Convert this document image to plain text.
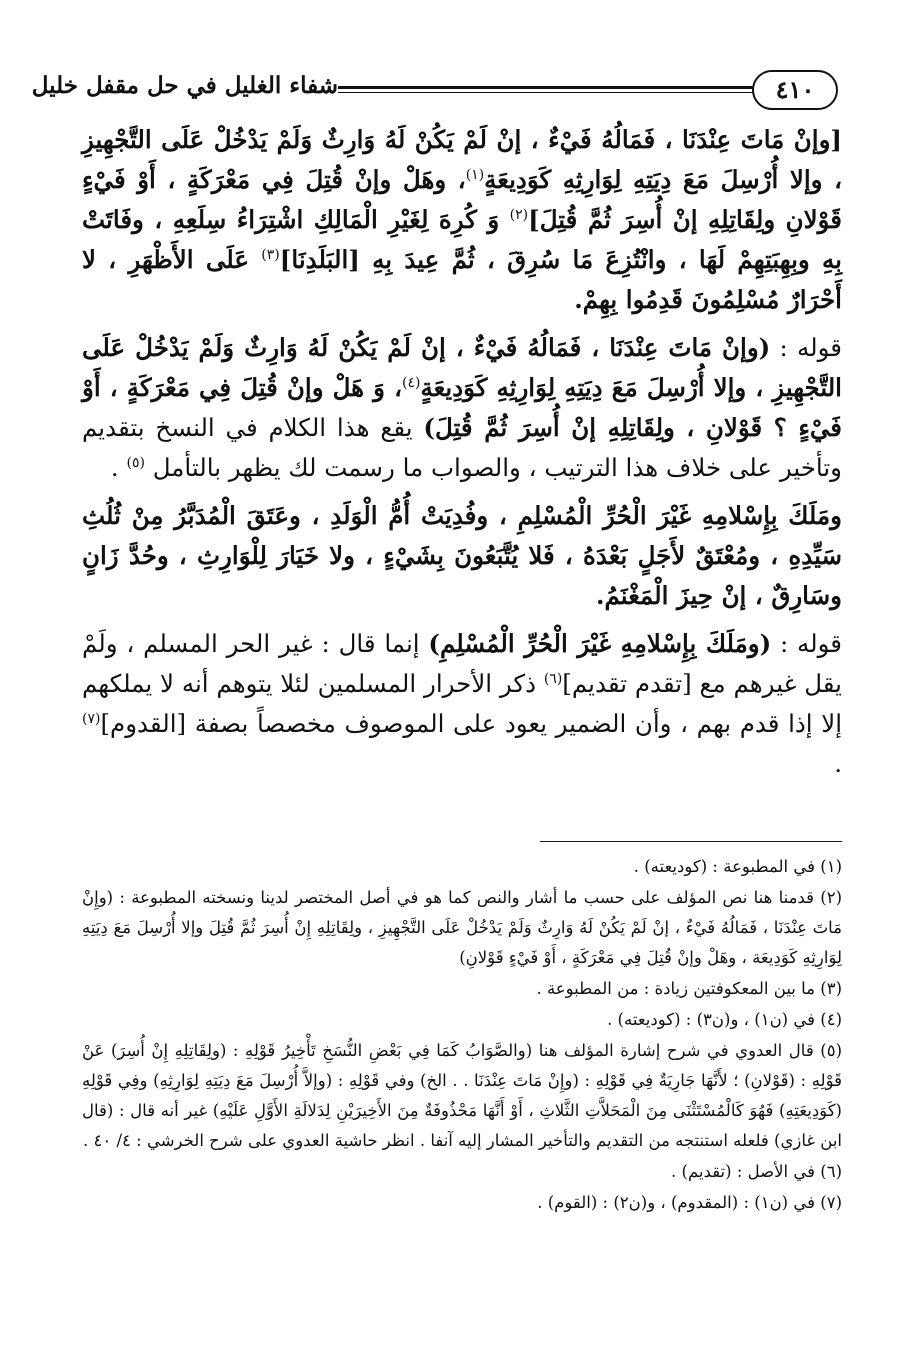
٤١٠
شفاء الغليل في حل مقفل خليل

[وإنْ مَاتَ عِنْدَنَا ، فَمَالُهُ فَيْءٌ ، إنْ لَمْ يَكُنْ لَهُ وَارِثٌ وَلَمْ يَدْخُلْ عَلَى التَّجْهِيزِ ، وإلا أُرْسِلَ مَعَ دِيَتِهِ لِوَارِثِهِ كَوَدِيعَةٍ$^{(١)}$، وهَلْ وإنْ قُتِلَ فِي مَعْرَكَةٍ ، أَوْ فَيْءٍ قَوْلانِ ولِقَاتِلِهِ إنْ أُسِرَ ثُمَّ قُتِلَ]$^{(٢)}$ وَ كُرِهَ لِغَيْرِ الْمَالِكِ اشْتِرَاءُ سِلَعِهِ ، وفَاتَتْ بِهِ وبِهِبَتِهِمْ لَهَا ، وانْتُزِعَ مَا سُرِقَ ، ثُمَّ عِيدَ بِهِ [البَلَدِنَا]$^{(٣)}$ عَلَى الأَظْهَرِ ، لا أَحْرَارٌ مُسْلِمُونَ قَدِمُوا بِهِمْ.

قوله : (وإنْ مَاتَ عِنْدَنَا ، فَمَالُهُ فَيْءٌ ، إنْ لَمْ يَكُنْ لَهُ وَارِثٌ وَلَمْ يَدْخُلْ عَلَى التَّجْهِيزِ ، وإلا أُرْسِلَ مَعَ دِيَتِهِ لِوَارِثِهِ كَوَدِيعَةٍ$^{(٤)}$، وَ هَلْ وإنْ قُتِلَ فِي مَعْرَكَةٍ ، أَوْ فَيْءٍ ؟ قَوْلانِ ، ولِقَاتِلِهِ إنْ أُسِرَ ثُمَّ قُتِلَ) يقع هذا الكلام في النسخ بتقديم وتأخير على خلاف هذا الترتيب ، والصواب ما رسمت لك يظهر بالتأمل $^{(٥)}$ .

ومَلَكَ بِإِسْلامِهِ غَيْرَ الْحُرِّ الْمُسْلِمِ ، وفُدِيَتْ أُمُّ الْوَلَدِ ، وعَتَقَ الْمُدَبَّرُ مِنْ ثُلُثِ سَيِّدِهِ ، ومُعْتَقٌ لأَجَلٍ بَعْدَهُ ، فَلا يُتَّبَعُونَ بِشَيْءٍ ، ولا خَيَارَ لِلْوَارِثِ ، وحُدَّ زَانٍ وسَارِقٌ ، إنْ حِيزَ الْمَغْنَمُ.

قوله : (ومَلَكَ بِإِسْلامِهِ غَيْرَ الْحُرِّ الْمُسْلِمِ) إنما قال : غير الحر المسلم ، ولَمْ يقل غيرهم مع [تقدم تقديم]$^{(٦)}$ ذكر الأحرار المسلمين لئلا يتوهم أنه لا يملكهم إلا إذا قدم بهم ، وأن الضمير يعود على الموصوف مخصصاً بصفة [القدوم]$^{(٧)}$ .

(١) في المطبوعة : (كوديعته) .

(٢) قدمنا هنا نص المؤلف على حسب ما أشار والنص كما هو في أصل المختصر لدينا ونسخته المطبوعة : (وإِنْ مَاتَ عِنْدَنَا ، فَمَالُهُ فَيْءٌ ، إنْ لَمْ يَكُنْ لَهُ وَارِثٌ وَلَمْ يَدْخُلْ عَلَى التَّجْهِيزِ ، ولِقَاتِلِهِ إِنْ أُسِرَ ثُمَّ قُتِلَ وإلا أُرْسِلَ مَعَ دِيَتِهِ لِوَارِثِهِ كَوَدِيعَة ، وهَلْ وإنْ قُتِلَ فِي مَعْرَكَةٍ ، أَوْ فَيْءٍ قَوْلانِ)

(٣) ما بين المعكوفتين زيادة : من المطبوعة .

(٤) في (ن١) ، و(ن٣) : (كوديعته) .

(٥) قال العدوي في شرح إشارة المؤلف هنا (والصَّوَابُ كَمَا فِي بَعْضِ النُّسَخِ تَأْخِيرُ قَوْلِهِ : (ولِقَاتِلِهِ إِنْ أُسِرَ) عَنْ قَوْلِهِ : (قَوْلانِ) ؛ لأَنَّهَا جَارِيَةٌ فِي قَوْلِهِ : (وإِنْ مَاتَ عِنْدَنَا . . الخ) وفي قَوْلِهِ : (وإلاَّ أُرْسِلَ مَعَ دِيَتِهِ لِوَارِثِهِ) وفِي قَوْلِهِ (كَوَدِيعَتِهِ) فَهُوَ كَالْمُسْتَثْنَى مِنَ الْمَحَلاَّتِ الثَّلاثِ ، أَوْ أَنَّهَا مَحْذُوفَةٌ مِنَ الأَخِيرَيْنِ لِدَلالَةِ الأَوَّلِ عَلَيْهِ) غير أنه قال : (قال ابن غازي) فلعله استنتجه من التقديم والتأخير المشار إليه آنفا . انظر حاشية العدوي على شرح الخرشي : ٤/ ٤٠ .

(٦) في الأصل : (تقديم) .

(٧) في (ن١) : (المقدوم) ، و(ن٢) : (القوم) .
